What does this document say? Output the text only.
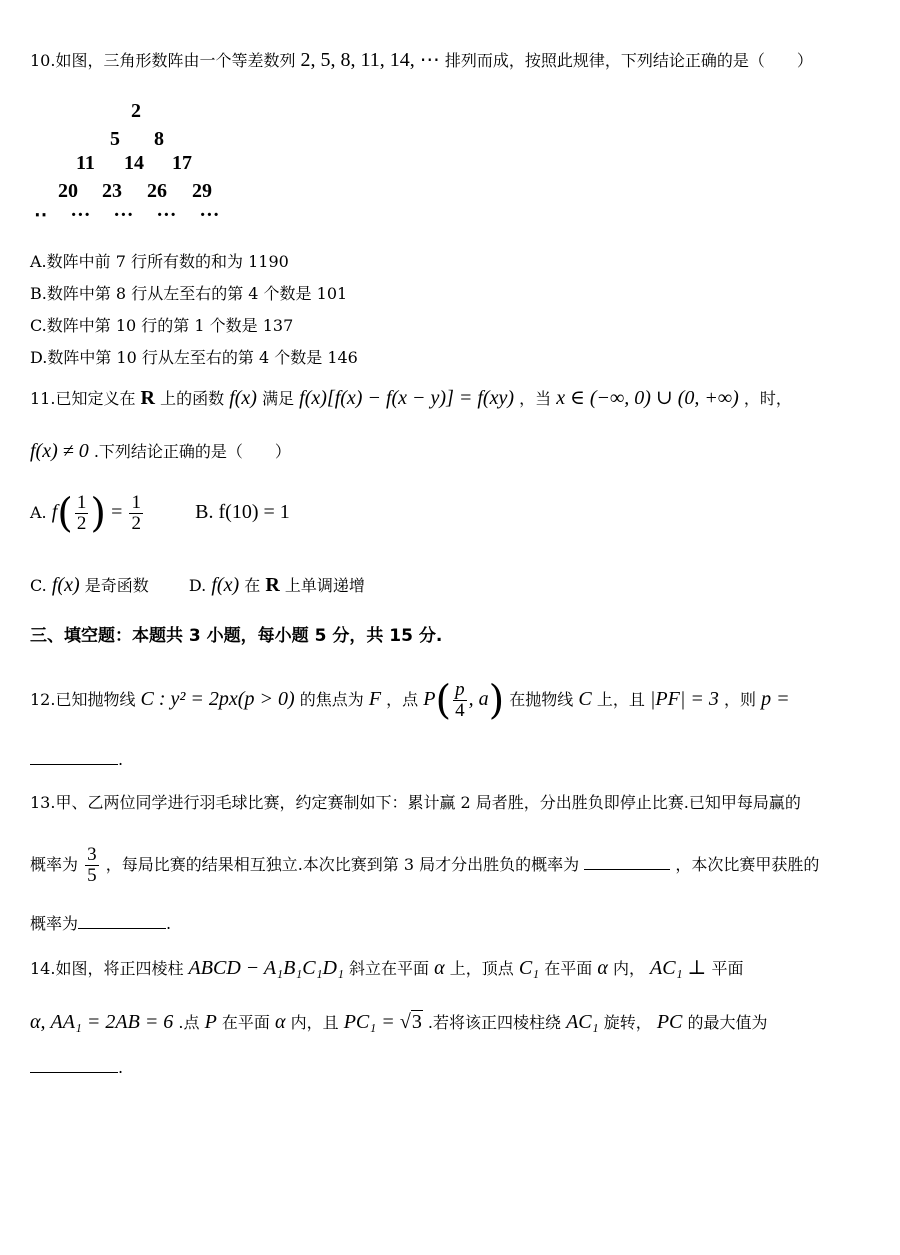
10.如图，三角形数阵由一个等差数列 2, 5, 8, 11, 14, ⋯ 排列而成，按照此规律，下列结论正确的是（　　）
2
5 8
11 14 17
20 23 26 29
‥ … … … …
A.数阵中前 7 行所有数的和为 1190
B.数阵中第 8 行从左至右的第 4 个数是 101
C.数阵中第 10 行的第 1 个数是 137
D.数阵中第 10 行从左至右的第 4 个数是 146
11.已知定义在 R 上的函数 f(x) 满足 f(x)[f(x) − f(x − y)] = f(xy) ，当 x ∈ (−∞, 0) ∪ (0, +∞) ，时，
f(x) ≠ 0 .下列结论正确的是（　　）
A. $f( \frac{1}{2}$ ) = $\frac{1}{2}$	B. f(10) = 1
C. f(x) 是奇函数	D. f(x) 在 R 上单调递增
三、填空题：本题共 3 小题，每小题 5 分，共 15 分.
12.已知抛物线 C : y² = 2px(p > 0) 的焦点为 F ，点 $P( \frac{p}{4}$ , a) 在抛物线 C 上，且 |PF| = 3 ，则 p =
.
13.甲、乙两位同学进行羽毛球比赛，约定赛制如下：累计赢 2 局者胜，分出胜负即停止比赛.已知甲每局赢的
概率为 $\frac{3}{5}$ ，每局比赛的结果相互独立.本次比赛到第 3 局才分出胜负的概率为	，本次比赛甲获胜的
概率为	.
14.如图，将正四棱柱 ABCD − A₁B₁C₁D₁ 斜立在平面 α 上，顶点 C₁ 在平面 α 内， AC₁ ⊥ 平面
α, AA₁ = 2AB = 6 .点 P 在平面 α 内，且 PC₁ = √3 .若将该正四棱柱绕 AC₁ 旋转， PC 的最大值为
.
